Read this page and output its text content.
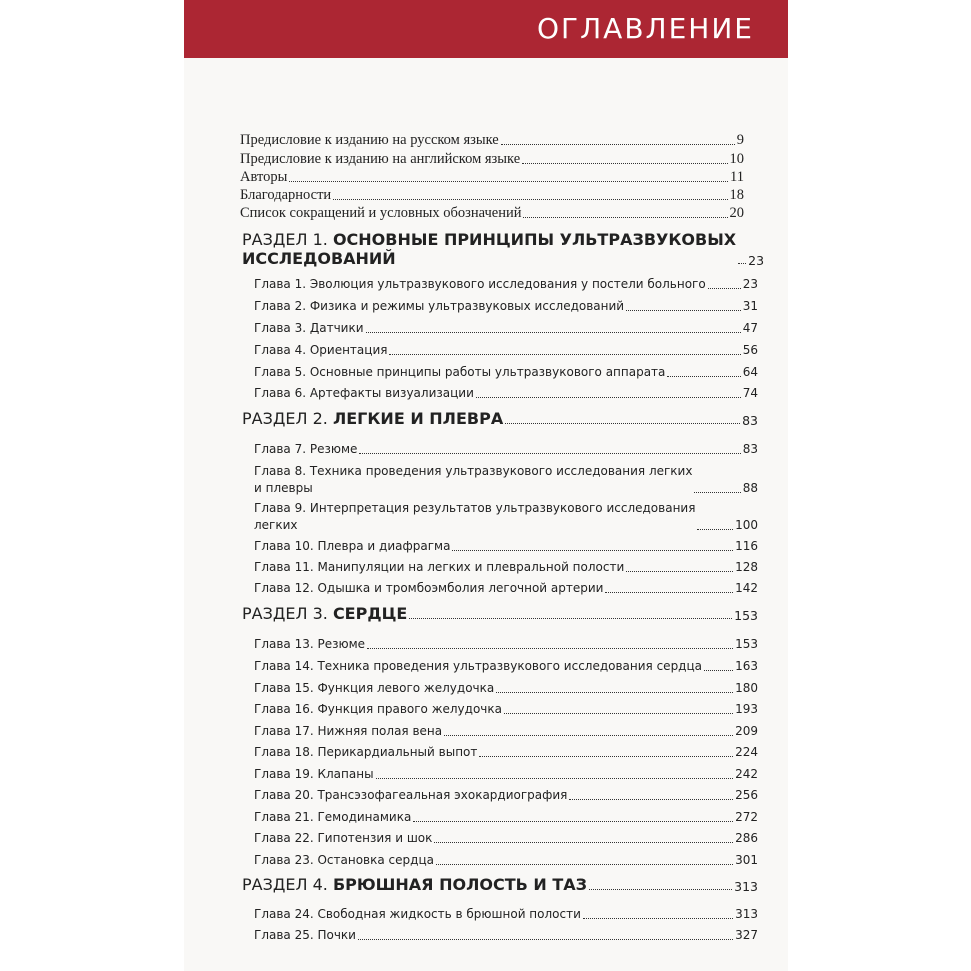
ОГЛАВЛЕНИЕ
Предисловие к изданию на русском языке	9
Предисловие к изданию на английском языке	10
Авторы	11
Благодарности	18
Список сокращений и условных обозначений	20
РАЗДЕЛ 1. ОСНОВНЫЕ ПРИНЦИПЫ УЛЬТРАЗВУКОВЫХ
ИССЛЕДОВАНИЙ	23
Глава 1. Эволюция ультразвукового исследования у постели больного	23
Глава 2. Физика и режимы ультразвуковых исследований	31
Глава 3. Датчики	47
Глава 4. Ориентация	56
Глава 5. Основные принципы работы ультразвукового аппарата	64
Глава 6. Артефакты визуализации	74
РАЗДЕЛ 2. ЛЕГКИЕ И ПЛЕВРА	83
Глава 7. Резюме	83
Глава 8. Техника проведения ультразвукового исследования легких
и плевры	88
Глава 9. Интерпретация результатов ультразвукового исследования
легких	100
Глава 10. Плевра и диафрагма	116
Глава 11. Манипуляции на легких и плевральной полости	128
Глава 12. Одышка и тромбоэмболия легочной артерии	142
РАЗДЕЛ 3. СЕРДЦЕ	153
Глава 13. Резюме	153
Глава 14. Техника проведения ультразвукового исследования сердца	163
Глава 15. Функция левого желудочка	180
Глава 16. Функция правого желудочка	193
Глава 17. Нижняя полая вена	209
Глава 18. Перикардиальный выпот	224
Глава 19. Клапаны	242
Глава 20. Трансэзофагеальная эхокардиография	256
Глава 21. Гемодинамика	272
Глава 22. Гипотензия и шок	286
Глава 23. Остановка сердца	301
РАЗДЕЛ 4. БРЮШНАЯ ПОЛОСТЬ И ТАЗ	313
Глава 24. Свободная жидкость в брюшной полости	313
Глава 25. Почки	327
